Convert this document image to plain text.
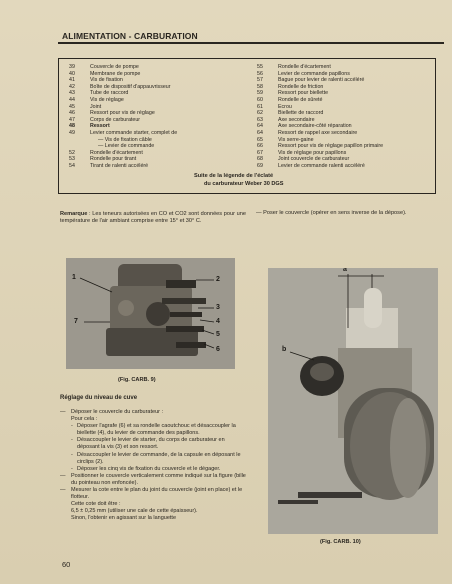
ALIMENTATION - CARBURATION
39	Couvercle de pompe
40	Membrane de pompe
41	Vis de fixation
42	Boîte de dispositif d'appauvrisseur
43	Tube de raccord
44	Vis de réglage
45	Joint
46	Ressort pour vis de réglage
47	Corps de carburateur
48	Ressort
49	Levier commande starter, complet de
— Vis de fixation câble
— Levier de commande
52	Rondelle d'écartement
53	Rondelle pour tirant
54	Tirant de ralenti accéléré
55	Rondelle d'écartement
56	Levier de commande papillons
57	Bague pour levier de ralenti accéléré
58	Rondelle de friction
59	Ressort pour biellette
60	Rondelle de sûreté
61	Ecrou
62	Biellette de raccord
63	Axe secondaire
64	Axe secondaire-côté réparation
64	Ressort de rappel axe secondaire
65	Vis serre-gaine
66	Ressort pour vis de réglage papillon primaire
67	Vis de réglage pour papillons
68	Joint couvercle de carburateur
69	Levier de commande ralenti accéléré
Suite de la légende de l'éclaté
du carburateur Weber 30 DGS
Remarque : Les teneurs autorisées en CO et CO2 sont données pour une température de l'air ambiant comprise entre 15° et 30° C.
— Poser le couvercle (opérer en sens inverse de la dépose).
1	2
3
4
5
6
7
(Fig. CARB. 9)
Réglage du niveau de cuve
—	Déposer le couvercle du carburateur :
Pour cela :
- Déposer l'agrafe (6) et sa rondelle caoutchouc et désaccoupler la biellette (4), du levier de commande des papillons.
- Désaccoupler le levier de starter, du corps de carburateur en déposant la vis (3) et son ressort.
- Désaccoupler le levier de commande, de la capsule en déposant le circlips (2).
- Déposer les cinq vis de fixation du couvercle et le dégager.
—	Positionner le couvercle verticalement comme indiqué sur la figure (bille du pointeau non enfoncée).
—	Mesurer la cote entre le plan du joint du couvercle (joint en place) et le flotteur.
Cette cote doit être :
6,5 ± 0,25 mm (utiliser une cale de cette épaisseur).
Sinon, l'obtenir en agissant sur la languette
a
b
(Fig. CARB. 10)
60
